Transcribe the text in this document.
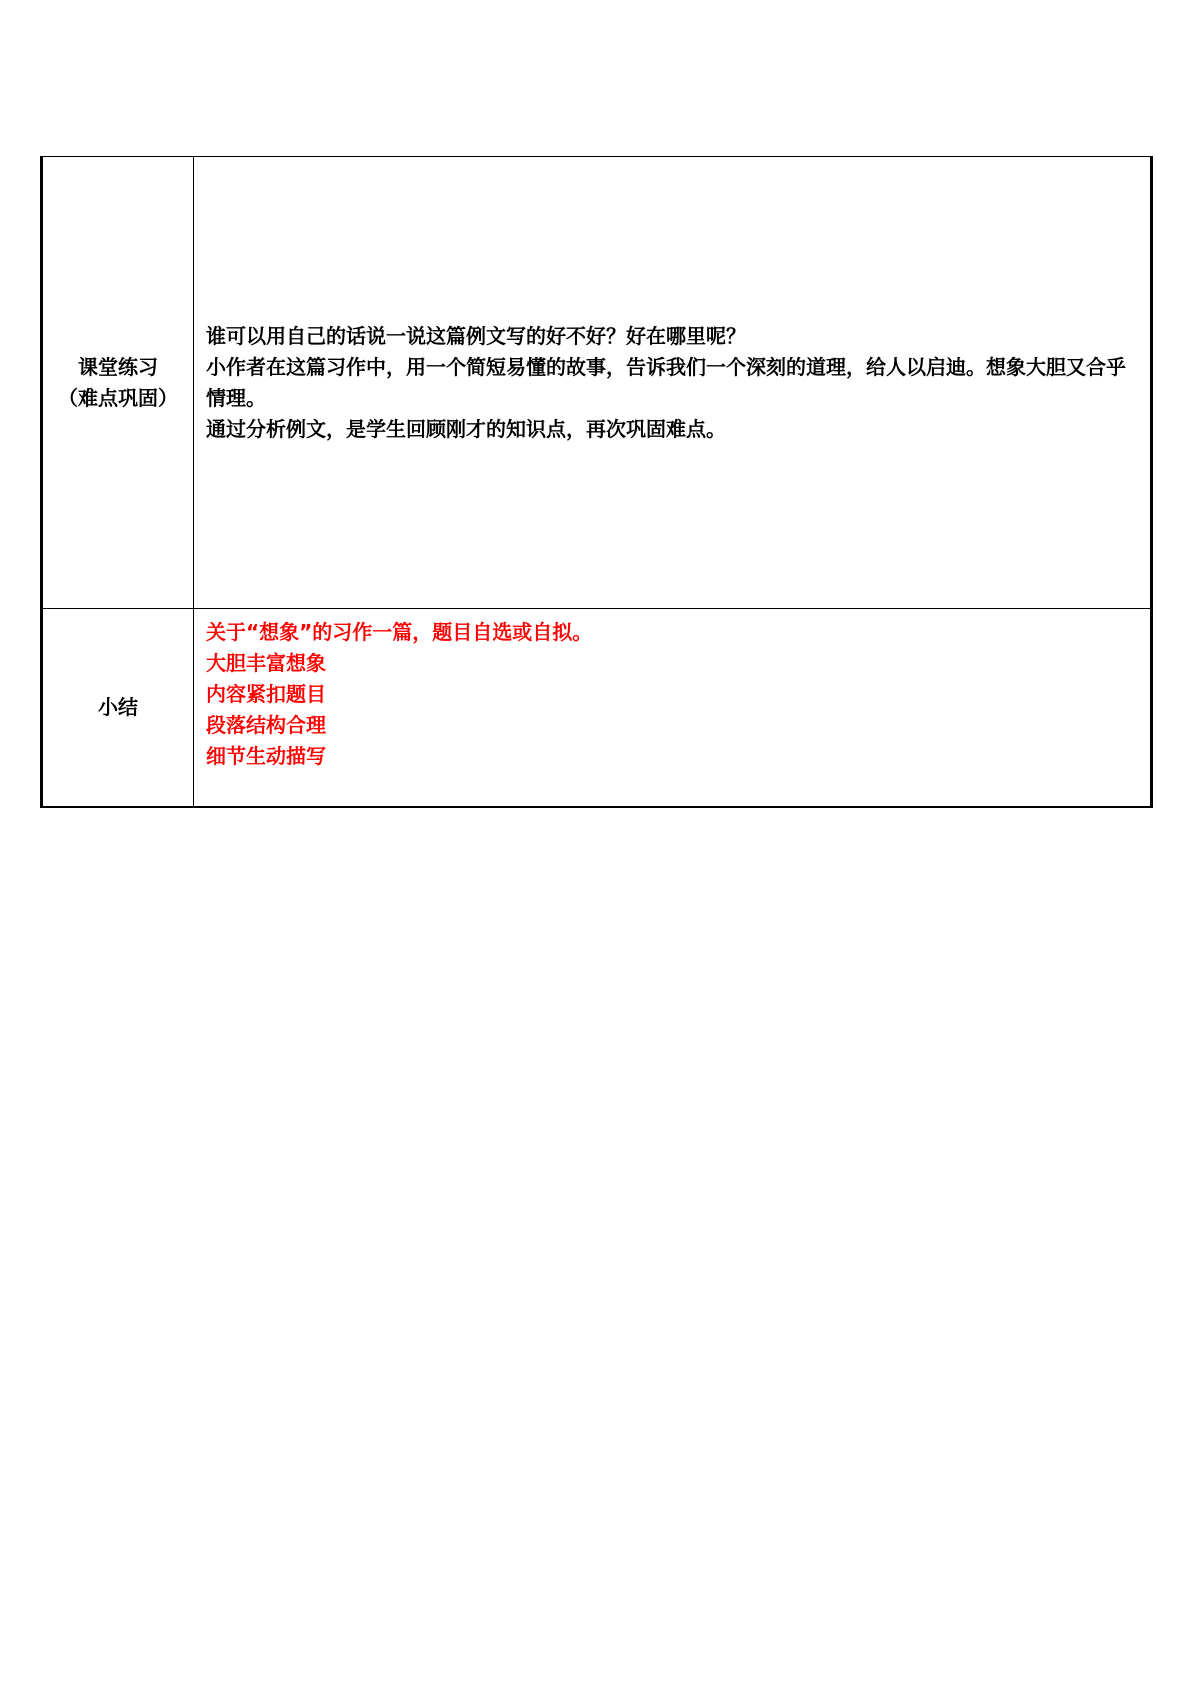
课堂练习
（难点巩固）	谁可以用自己的话说一说这篇例文写的好不好？好在哪里呢？
小作者在这篇习作中，用一个简短易懂的故事，告诉我们一个深刻的道理，给人以启迪。想象大胆又合乎情理。
通过分析例文，是学生回顾刚才的知识点，再次巩固难点。

小结	关于“想象”的习作一篇，题目自选或自拟。
大胆丰富想象
内容紧扣题目
段落结构合理
细节生动描写
